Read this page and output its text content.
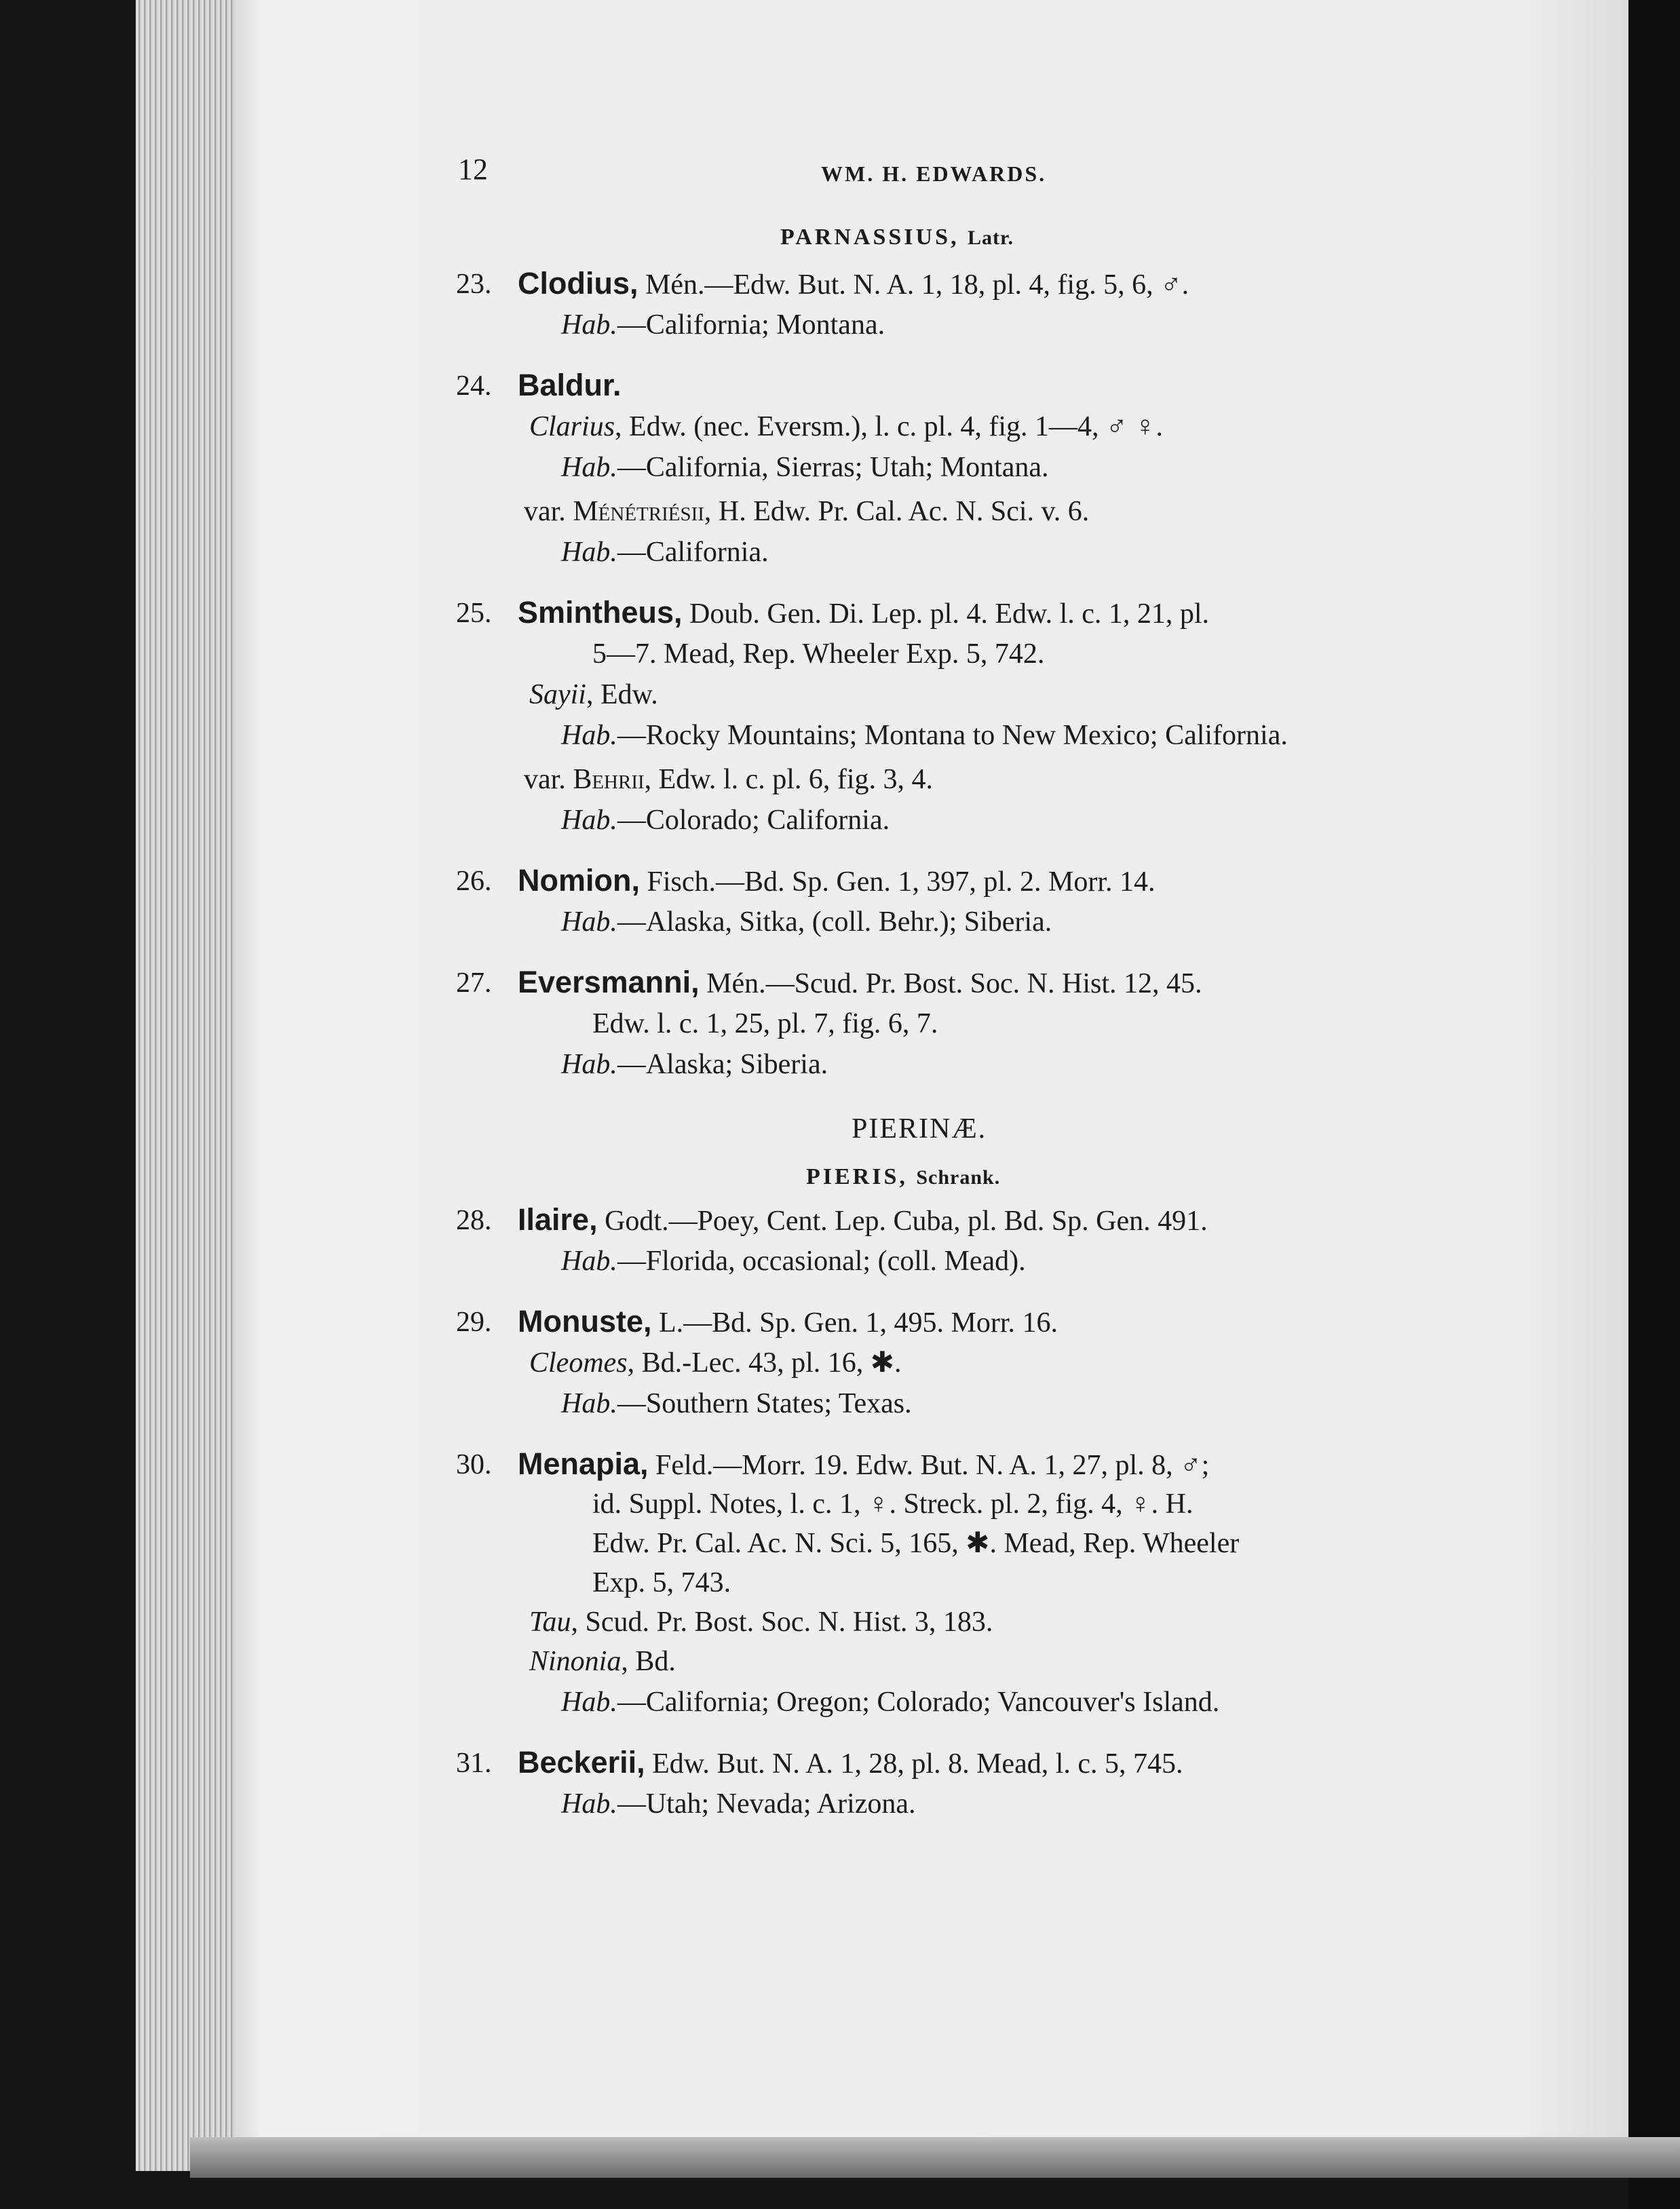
12	WM. H. EDWARDS.
PARNASSIUS, Latr.
23. Clodius, Mén.—Edw. But. N. A. 1, 18, pl. 4, fig. 5, 6, ♂.
Hab.—California; Montana.
24. Baldur.
Clarius, Edw. (nec. Eversm.), l. c. pl. 4, fig. 1—4, ♂ ♀.
Hab.—California, Sierras; Utah; Montana.
var. Ménétriésii, H. Edw. Pr. Cal. Ac. N. Sci. v. 6.
Hab.—California.
25. Smintheus, Doub. Gen. Di. Lep. pl. 4. Edw. l. c. 1, 21, pl.
5—7. Mead, Rep. Wheeler Exp. 5, 742.
Sayii, Edw.
Hab.—Rocky Mountains; Montana to New Mexico; California.
var. Behrii, Edw. l. c. pl. 6, fig. 3, 4.
Hab.—Colorado; California.
26. Nomion, Fisch.—Bd. Sp. Gen. 1, 397, pl. 2. Morr. 14.
Hab.—Alaska, Sitka, (coll. Behr.); Siberia.
27. Eversmanni, Mén.—Scud. Pr. Bost. Soc. N. Hist. 12, 45.
Edw. l. c. 1, 25, pl. 7, fig. 6, 7.
Hab.—Alaska; Siberia.
PIERINÆ.
PIERIS, Schrank.
28. Ilaire, Godt.—Poey, Cent. Lep. Cuba, pl. Bd. Sp. Gen. 491.
Hab.—Florida, occasional; (coll. Mead).
29. Monuste, L.—Bd. Sp. Gen. 1, 495. Morr. 16.
Cleomes, Bd.-Lec. 43, pl. 16, ✱.
Hab.—Southern States; Texas.
30. Menapia, Feld.—Morr. 19. Edw. But. N. A. 1, 27, pl. 8, ♂;
id. Suppl. Notes, l. c. 1, ♀. Streck. pl. 2, fig. 4, ♀. H.
Edw. Pr. Cal. Ac. N. Sci. 5, 165, ✱. Mead, Rep. Wheeler
Exp. 5, 743.
Tau, Scud. Pr. Bost. Soc. N. Hist. 3, 183.
Ninonia, Bd.
Hab.—California; Oregon; Colorado; Vancouver's Island.
31. Beckerii, Edw. But. N. A. 1, 28, pl. 8. Mead, l. c. 5, 745.
Hab.—Utah; Nevada; Arizona.
